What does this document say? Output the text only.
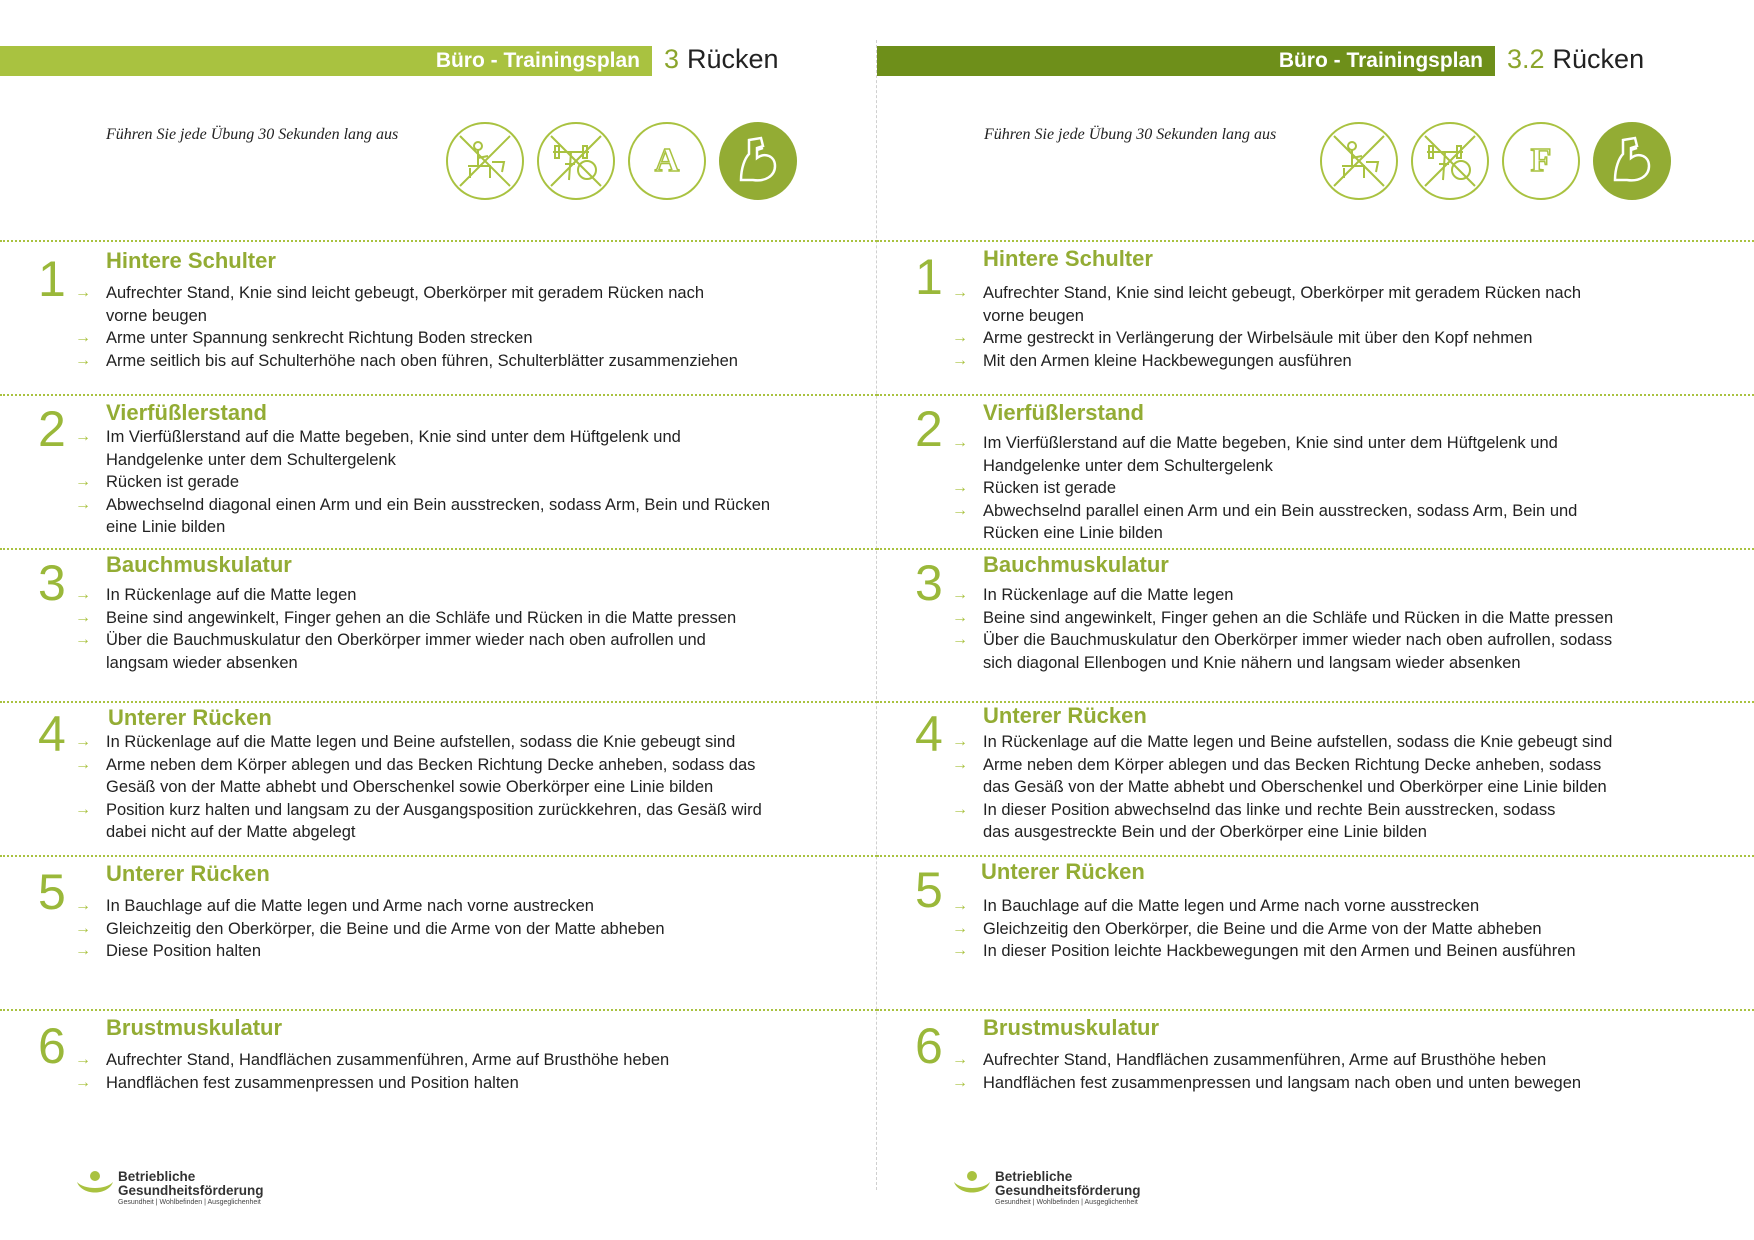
Büro - Trainingsplan 3 Rücken
Führen Sie jede Übung 30 Sekunden lang aus
A
1 Hintere Schulter
→ Aufrechter Stand, Knie sind leicht gebeugt, Oberkörper mit geradem Rücken nach
vorne beugen
→ Arme unter Spannung senkrecht Richtung Boden strecken
→ Arme seitlich bis auf Schulterhöhe nach oben führen, Schulterblätter zusammenziehen
2 Vierfüßlerstand
→ Im Vierfüßlerstand auf die Matte begeben, Knie sind unter dem Hüftgelenk und
Handgelenke unter dem Schultergelenk
→ Rücken ist gerade
→ Abwechselnd diagonal einen Arm und ein Bein ausstrecken, sodass Arm, Bein und Rücken
eine Linie bilden
3 Bauchmuskulatur
→ In Rückenlage auf die Matte legen
→ Beine sind angewinkelt, Finger gehen an die Schläfe und Rücken in die Matte pressen
→ Über die Bauchmuskulatur den Oberkörper immer wieder nach oben aufrollen und
langsam wieder absenken
4 Unterer Rücken
→ In Rückenlage auf die Matte legen und Beine aufstellen, sodass die Knie gebeugt sind
→ Arme neben dem Körper ablegen und das Becken Richtung Decke anheben, sodass das
Gesäß von der Matte abhebt und Oberschenkel sowie Oberkörper eine Linie bilden
→ Position kurz halten und langsam zu der Ausgangsposition zurückkehren, das Gesäß wird
dabei nicht auf der Matte abgelegt
5 Unterer Rücken
→ In Bauchlage auf die Matte legen und Arme nach vorne austrecken
→ Gleichzeitig den Oberkörper, die Beine und die Arme von der Matte abheben
→ Diese Position halten
6 Brustmuskulatur
→ Aufrechter Stand, Handflächen zusammenführen, Arme auf Brusthöhe heben
→ Handflächen fest zusammenpressen und Position halten
Betriebliche
Gesundheitsförderung
Gesundheit | Wohlbefinden | Ausgeglichenheit
Büro - Trainingsplan 3.2 Rücken
Führen Sie jede Übung 30 Sekunden lang aus
F
1 Hintere Schulter
→ Aufrechter Stand, Knie sind leicht gebeugt, Oberkörper mit geradem Rücken nach
vorne beugen
→ Arme gestreckt in Verlängerung der Wirbelsäule mit über den Kopf nehmen
→ Mit den Armen kleine Hackbewegungen ausführen
2 Vierfüßlerstand
→ Im Vierfüßlerstand auf die Matte begeben, Knie sind unter dem Hüftgelenk und
Handgelenke unter dem Schultergelenk
→ Rücken ist gerade
→ Abwechselnd parallel einen Arm und ein Bein ausstrecken, sodass Arm, Bein und
Rücken eine Linie bilden
3 Bauchmuskulatur
→ In Rückenlage auf die Matte legen
→ Beine sind angewinkelt, Finger gehen an die Schläfe und Rücken in die Matte pressen
→ Über die Bauchmuskulatur den Oberkörper immer wieder nach oben aufrollen, sodass
sich diagonal Ellenbogen und Knie nähern und langsam wieder absenken
4 Unterer Rücken
→ In Rückenlage auf die Matte legen und Beine aufstellen, sodass die Knie gebeugt sind
→ Arme neben dem Körper ablegen und das Becken Richtung Decke anheben, sodass
das Gesäß von der Matte abhebt und Oberschenkel und Oberkörper eine Linie bilden
→ In dieser Position abwechselnd das linke und rechte Bein ausstrecken, sodass
das ausgestreckte Bein und der Oberkörper eine Linie bilden
5 Unterer Rücken
→ In Bauchlage auf die Matte legen und Arme nach vorne ausstrecken
→ Gleichzeitig den Oberkörper, die Beine und die Arme von der Matte abheben
→ In dieser Position leichte Hackbewegungen mit den Armen und Beinen ausführen
6 Brustmuskulatur
→ Aufrechter Stand, Handflächen zusammenführen, Arme auf Brusthöhe heben
→ Handflächen fest zusammenpressen und langsam nach oben und unten bewegen
Betriebliche
Gesundheitsförderung
Gesundheit | Wohlbefinden | Ausgeglichenheit
